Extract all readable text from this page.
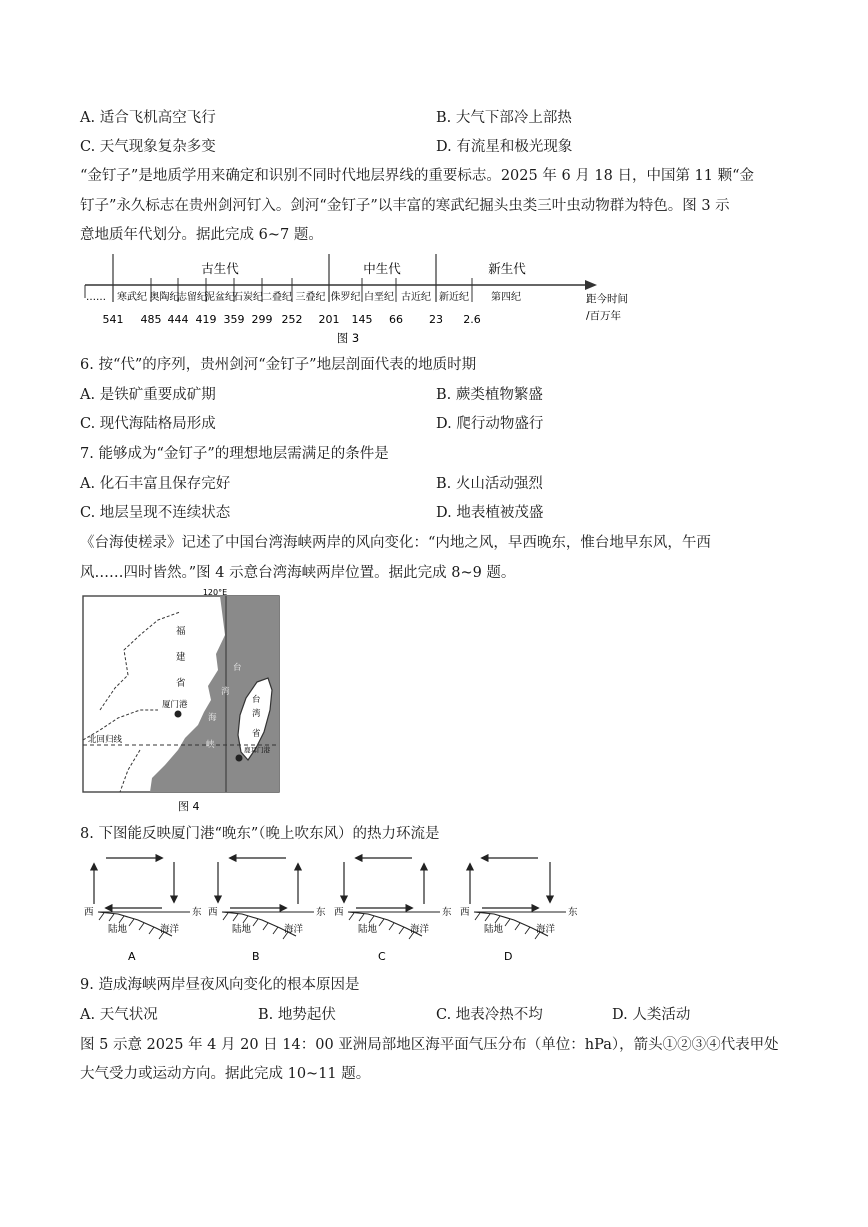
A. 适合飞机高空飞行	B. 大气下部冷上部热
C. 天气现象复杂多变	D. 有流星和极光现象
“金钉子”是地质学用来确定和识别不同时代地层界线的重要标志。2025 年 6 月 18 日，中国第 11 颗“金
钉子”永久标志在贵州剑河钉入。剑河“金钉子”以丰富的寒武纪掘头虫类三叶虫动物群为特色。图 3 示
意地质年代划分。据此完成 6~7 题。
……
古生代	中生代	新生代
寒武纪 奥陶纪
志留纪
泥盆纪
石炭纪 二叠纪 三叠纪 侏罗纪 白垩纪 古近纪 新近纪 第四纪
541 485 444 419 359 299 252 201 145 66 23 2.6
距今时间
/百万年
图 3
6. 按“代”的序列，贵州剑河“金钉子”地层剖面代表的地质时期
A. 是铁矿重要成矿期	B. 蕨类植物繁盛
C. 现代海陆格局形成	D. 爬行动物盛行
7. 能够成为“金钉子”的理想地层需满足的条件是
A. 化石丰富且保存完好	B. 火山活动强烈
C. 地层呈现不连续状态	D. 地表植被茂盛
《台海使槎录》记述了中国台湾海峡两岸的风向变化：“内地之风，早西晚东，惟台地早东风，午西
风……四时皆然。”图 4 示意台湾海峡两岸位置。据此完成 8~9 题。
120°E
福
建
省
厦门港
台
湾
海
峡
台
湾
省
鹿耳门港
北回归线
图 4
8. 下图能反映厦门港“晚东”（晚上吹东风）的热力环流是
西	东
陆地	海洋
A
西	东
陆地	海洋
B
西	东
陆地	海洋
C
西	东
陆地	海洋
D
9. 造成海峡两岸昼夜风向变化的根本原因是
A. 天气状况	B. 地势起伏	C. 地表冷热不均	D. 人类活动
图 5 示意 2025 年 4 月 20 日 14：00 亚洲局部地区海平面气压分布（单位：hPa），箭头①②③④代表甲处
大气受力或运动方向。据此完成 10~11 题。
